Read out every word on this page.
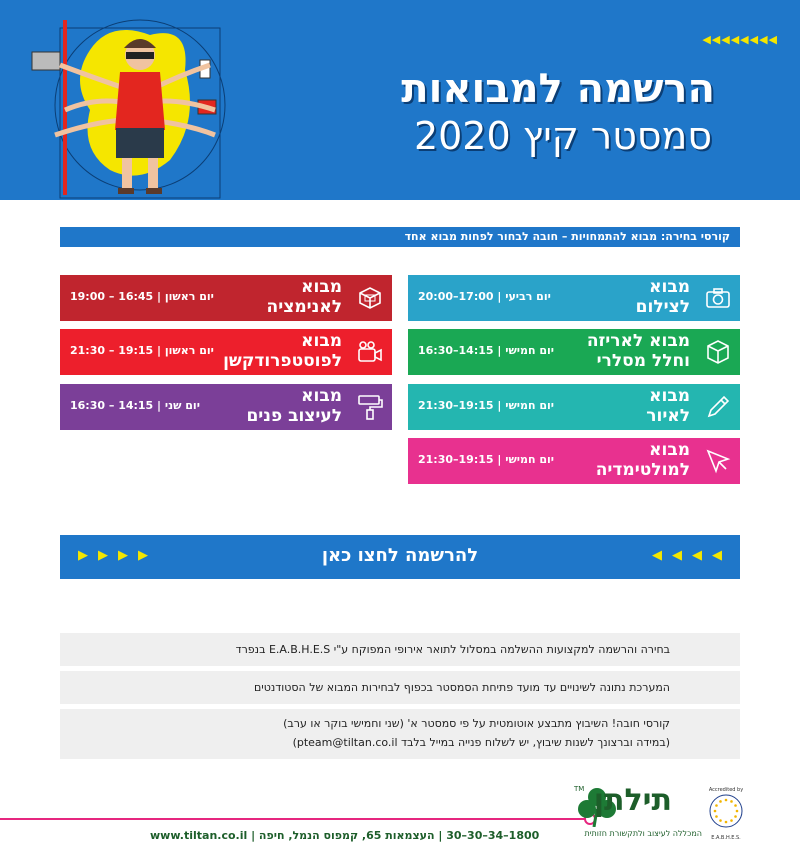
◀◀◀◀◀◀◀◀
הרשמה למבואות
סמסטר קיץ 2020
קורסי בחירה: מבוא להתמחויות – חובה לבחור לפחות מבוא אחד
מבוא
לצילום
יום רביעי | 17:00–20:00
מבוא לאריזה
וחלל מסלרי
יום חמישי | 14:15–16:30
מבוא
לאיור
יום חמישי | 19:15–21:30
מבוא
למולטימדיה
יום חמישי | 19:15–21:30
מבוא
לאנימציה
יום ראשון | 16:45 – 19:00
מבוא
לפוסטפרודקשן
יום ראשון | 19:15 – 21:30
מבוא
לעיצוב פנים
יום שני | 14:15 – 16:30
▶▶▶▶	להרשמה לחצו כאן	◀◀◀◀

בחירה והרשמה למקצועות ההשלמה במסלול לתואר אירופי המפוקח ע"י E.A.B.H.E.S בנפרד

המערכת נתונה לשינויים עד מועד פתיחת הסמסטר בכפוף לבחירות המבוא של הסטודנטים

קורסי חובה! השיבוץ מתבצע אוטומטית על פי סמסטר א' (שני וחמישי בוקר או ערב)

(במידה וברצונך לשנות שיבוץ, יש לשלוח פנייה במייל בלבד pteam@tiltan.co.il)

1800–34–30–30 | העצמאות 65, קמפוס הנמל, חיפה | www.tiltan.co.il
TM תילתן
המכללה לעיצוב ולתקשורת חזותית
Accredited by
E.A.B.H.E.S.
